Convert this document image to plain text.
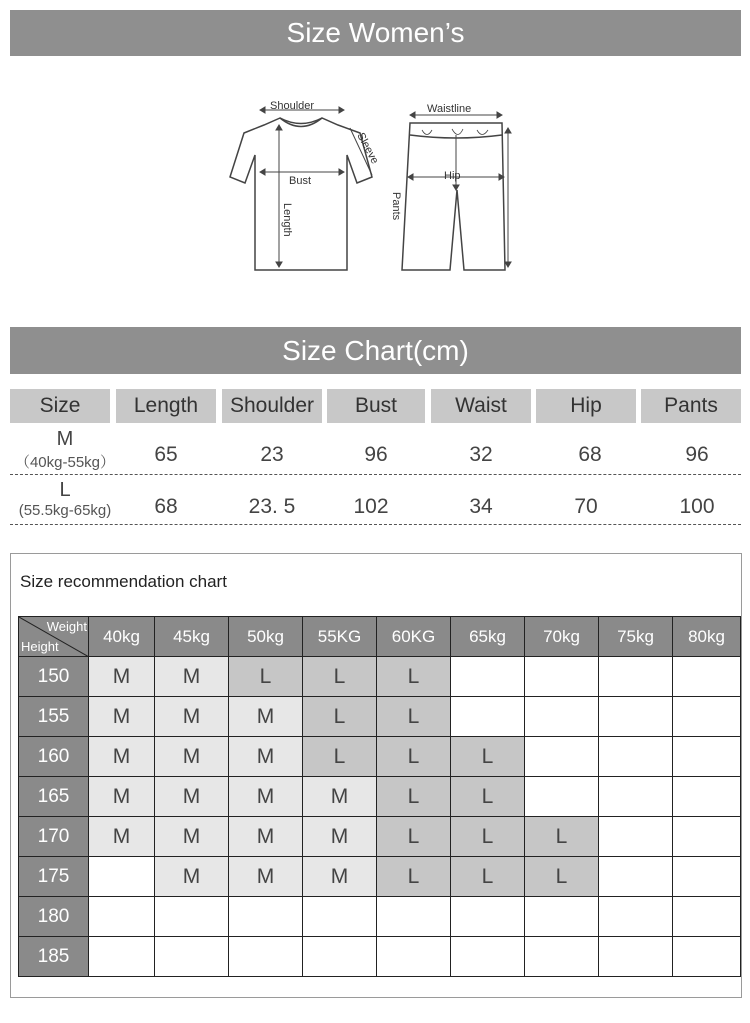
Size Women’s
Shoulder
Sleeve
Bust
Length
Waistline
Hip
Pants
Size Chart(cm)
Size	Length	Shoulder	Bust	Waist	Hip	Pants
M
（40kg-55kg）	65	23	96	32	68	96
L
(55.5kg-65kg)	68	23. 5	102	34	70	100
Size recommendation chart
Weight
Height	40kg	45kg	50kg	55KG	60KG	65kg	70kg	75kg	80kg
150	M	M	L	L	L				
155	M	M	M	L	L				
160	M	M	M	L	L	L			
165	M	M	M	M	L	L			
170	M	M	M	M	L	L	L		
175		M	M	M	L	L	L		
180									
185									
